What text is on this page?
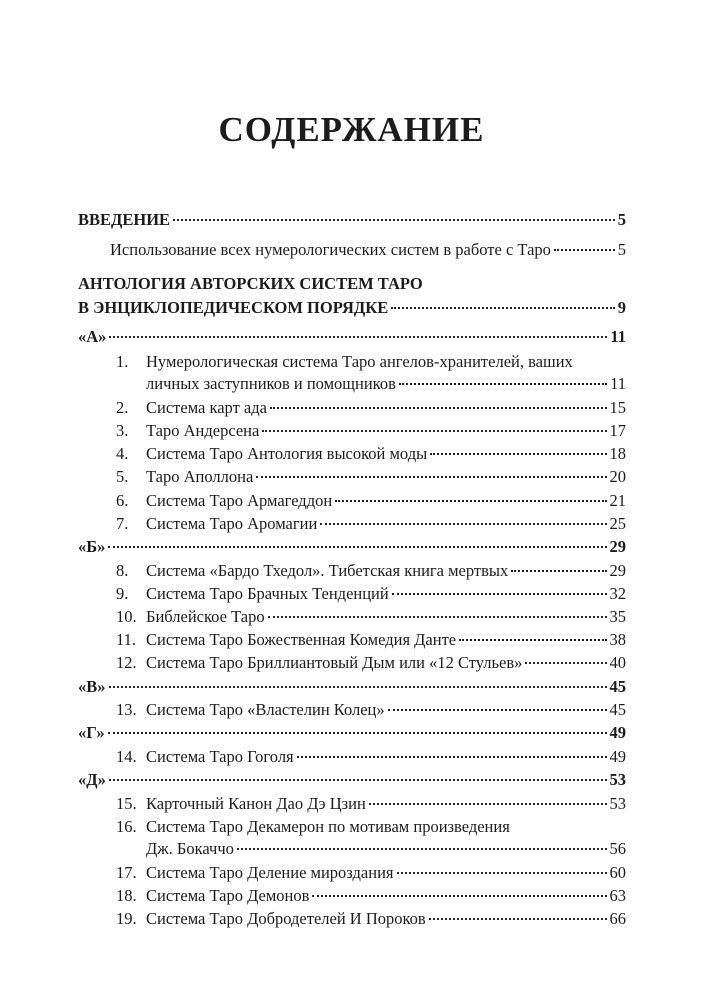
СОДЕРЖАНИЕ
ВВЕДЕНИЕ	5
Использование всех нумерологических систем в работе с Таро	5
АНТОЛОГИЯ АВТОРСКИХ СИСТЕМ ТАРО
В ЭНЦИКЛОПЕДИЧЕСКОМ ПОРЯДКЕ	9
«А»	11
1. Нумерологическая система Таро ангелов-хранителей, ваших
личных заступников и помощников	11
2.	Система карт ада	15
3.	Таро Андерсена	17
4.	Система Таро Антология высокой моды	18
5.	Таро Аполлона	20
6.	Система Таро Армагеддон	21
7.	Система Таро Аромагии	25
«Б»	29
8.	Система «Бардо Тхедол». Тибетская книга мертвых	29
9.	Система Таро Брачных Тенденций	32
10. Библейское Таро	35
11. Система Таро Божественная Комедия Данте	38
12. Система Таро Бриллиантовый Дым или «12 Стульев»	40
«В»	45
13. Система Таро «Властелин Колец»	45
«Г»	49
14. Система Таро Гоголя	49
«Д»	53
15. Карточный Канон Дао Дэ Цзин	53
16. Система Таро Декамерон по мотивам произведения
Дж. Бокаччо	56
17. Система Таро Деление мироздания	60
18. Система Таро Демонов	63
19. Система Таро Добродетелей И Пороков	66
